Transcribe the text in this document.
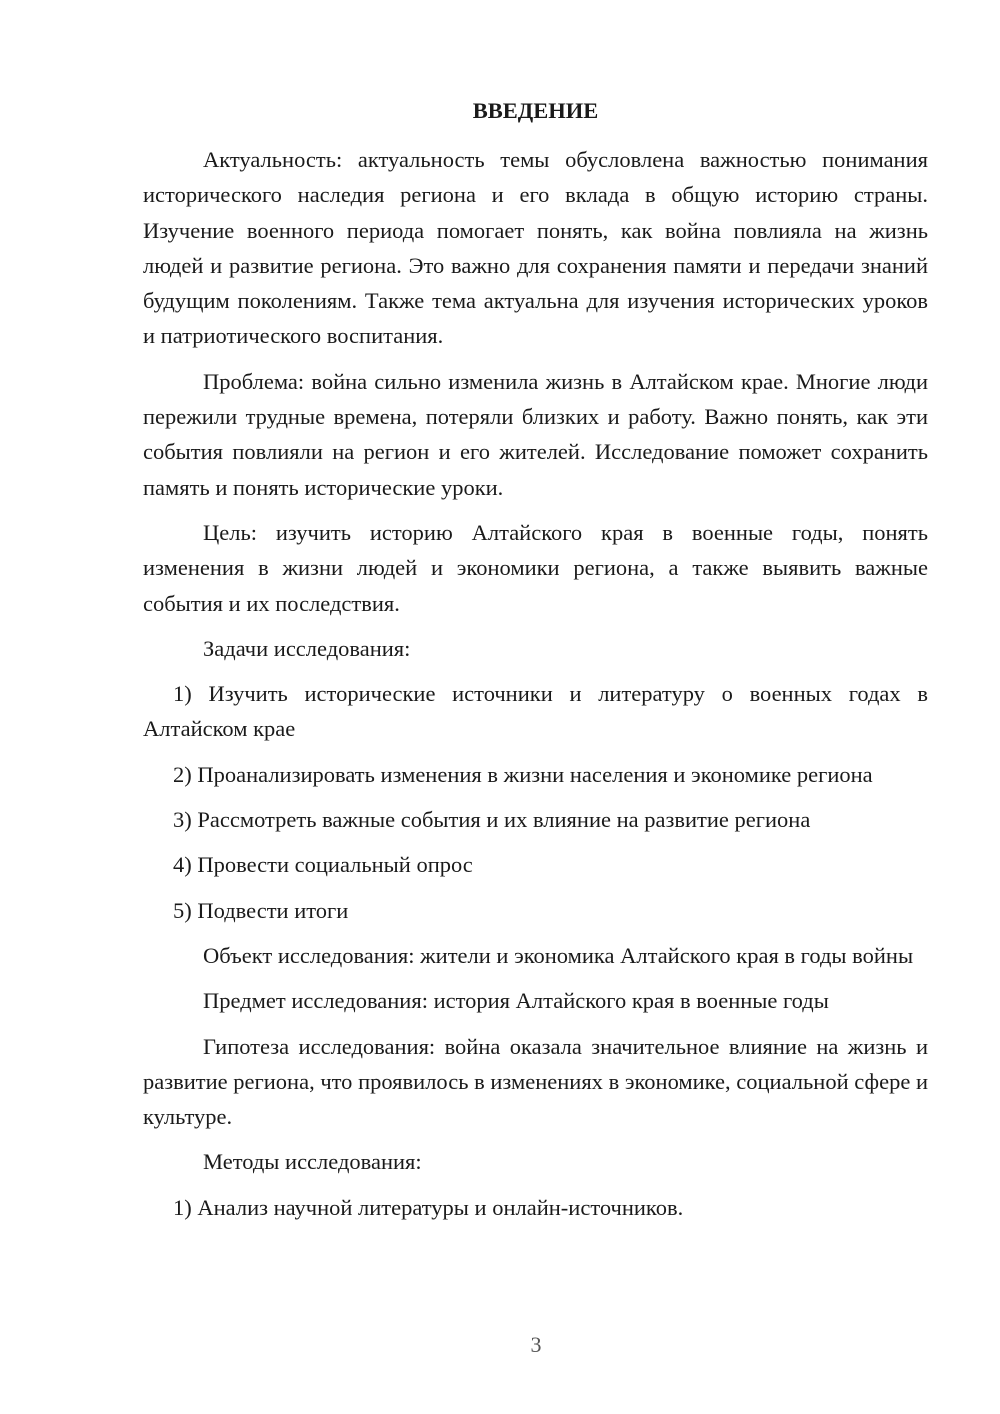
ВВЕДЕНИЕ

Актуальность: актуальность темы обусловлена важностью понимания исторического наследия региона и его вклада в общую историю страны. Изучение военного периода помогает понять, как война повлияла на жизнь людей и развитие региона. Это важно для сохранения памяти и передачи знаний будущим поколениям. Также тема актуальна для изучения исторических уроков и патриотического воспитания.

Проблема: война сильно изменила жизнь в Алтайском крае. Многие люди пережили трудные времена, потеряли близких и работу. Важно понять, как эти события повлияли на регион и его жителей. Исследование поможет сохранить память и понять исторические уроки.

Цель: изучить историю Алтайского края в военные годы, понять изменения в жизни людей и экономики региона, а также выявить важные события и их последствия.

Задачи исследования:

1) Изучить исторические источники и литературу о военных годах в Алтайском крае

2) Проанализировать изменения в жизни населения и экономике региона

3) Рассмотреть важные события и их влияние на развитие региона

4) Провести социальный опрос

5) Подвести итоги

Объект исследования: жители и экономика Алтайского края в годы войны

Предмет исследования: история Алтайского края в военные годы

Гипотеза исследования: война оказала значительное влияние на жизнь и развитие региона, что проявилось в изменениях в экономике, социальной сфере и культуре.

Методы исследования:

1) Анализ научной литературы и онлайн-источников.

3
